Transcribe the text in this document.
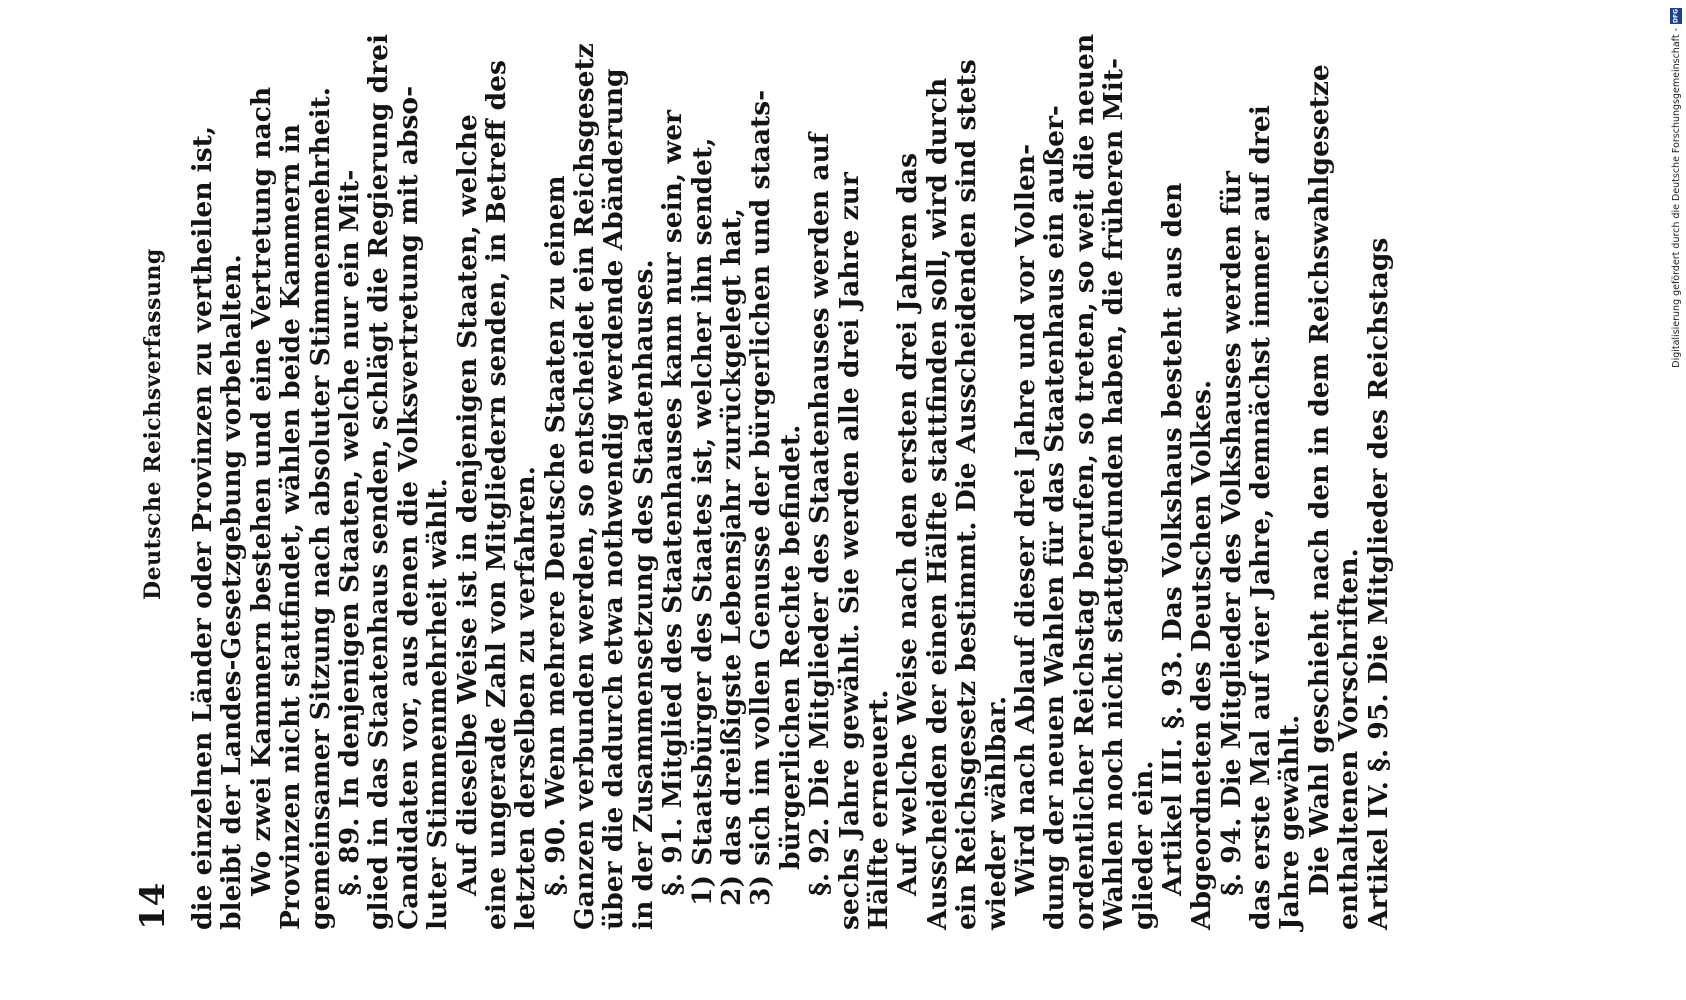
14
Deutsche Reichsverfassung die einzelnen Länder oder Provinzen zu vertheilen ist,
bleibt der Landes-Gesetzgebung vorbehalten.
Wo zwei Kammern bestehen und eine Vertretung nach
Provinzen nicht stattfindet, wählen beide Kammern in
gemeinsamer Sitzung nach absoluter Stimmenmehrheit.
§. 89. In denjenigen Staaten, welche nur ein Mit-
glied in das Staatenhaus senden, schlägt die Regierung drei
Candidaten vor, aus denen die Volksvertretung mit abso-
luter Stimmenmehrheit wählt.
Auf dieselbe Weise ist in denjenigen Staaten, welche
eine ungerade Zahl von Mitgliedern senden, in Betreff des
letzten derselben zu verfahren.
§. 90. Wenn mehrere Deutsche Staaten zu einem
Ganzen verbunden werden, so entscheidet ein Reichsgesetz
über die dadurch etwa nothwendig werdende Abänderung
in der Zusammensetzung des Staatenhauses.
§. 91. Mitglied des Staatenhauses kann nur sein, wer
1) Staatsbürger des Staates ist, welcher ihn sendet,
2) das dreißigste Lebensjahr zurückgelegt hat,
3) sich im vollen Genusse der bürgerlichen und staats-
bürgerlichen Rechte befindet.
§. 92. Die Mitglieder des Staatenhauses werden auf
sechs Jahre gewählt. Sie werden alle drei Jahre zur
Hälfte erneuert.
Auf welche Weise nach den ersten drei Jahren das
Ausscheiden der einen Hälfte stattfinden soll, wird durch
ein Reichsgesetz bestimmt. Die Ausscheidenden sind stets
wieder wählbar.
Wird nach Ablauf dieser drei Jahre und vor Vollen-
dung der neuen Wahlen für das Staatenhaus ein außer-
ordentlicher Reichstag berufen, so treten, so weit die neuen
Wahlen noch nicht stattgefunden haben, die früheren Mit-
glieder ein.
Artikel III. §. 93. Das Volkshaus besteht aus den
Abgeordneten des Deutschen Volkes.
§. 94. Die Mitglieder des Volkshauses werden für
das erste Mal auf vier Jahre, demnächst immer auf drei
Jahre gewählt.
Die Wahl geschieht nach den in dem Reichswahlgesetze
enthaltenen Vorschriften.
Artikel IV. §. 95. Die Mitglieder des Reichstags
DFG
Digitalisierung gefördert durch die Deutsche Forschungsgemeinschaft -
